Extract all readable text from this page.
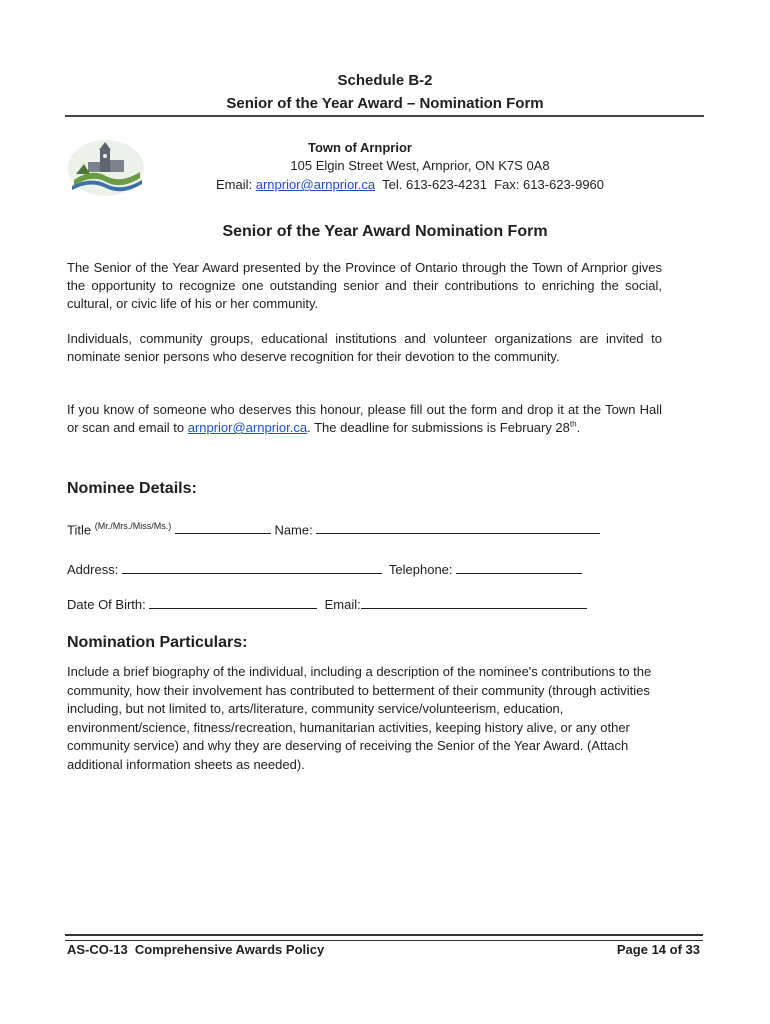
Schedule B-2
Senior of the Year Award – Nomination Form
Town of Arnprior
105 Elgin Street West, Arnprior, ON K7S 0A8
Email: arnprior@arnprior.ca  Tel. 613-623-4231  Fax: 613-623-9960
Senior of the Year Award Nomination Form
The Senior of the Year Award presented by the Province of Ontario through the Town of Arnprior gives the opportunity to recognize one outstanding senior and their contributions to enriching the social, cultural, or civic life of his or her community.
Individuals, community groups, educational institutions and volunteer organizations are invited to nominate senior persons who deserve recognition for their devotion to the community.
If you know of someone who deserves this honour, please fill out the form and drop it at the Town Hall or scan and email to arnprior@arnprior.ca. The deadline for submissions is February 28th.
Nominee Details:
Title $^{(Mr./Mrs./Miss/Ms.)}$	Name:
Address:	Telephone:
Date Of Birth:	Email:
Nomination Particulars:
Include a brief biography of the individual, including a description of the nominee's contributions to the community, how their involvement has contributed to betterment of their community (through activities including, but not limited to, arts/literature, community service/volunteerism, education, environment/science, fitness/recreation, humanitarian activities, keeping history alive, or any other community service) and why they are deserving of receiving the Senior of the Year Award. (Attach additional information sheets as needed).
AS-CO-13  Comprehensive Awards Policy	Page 14 of 33
